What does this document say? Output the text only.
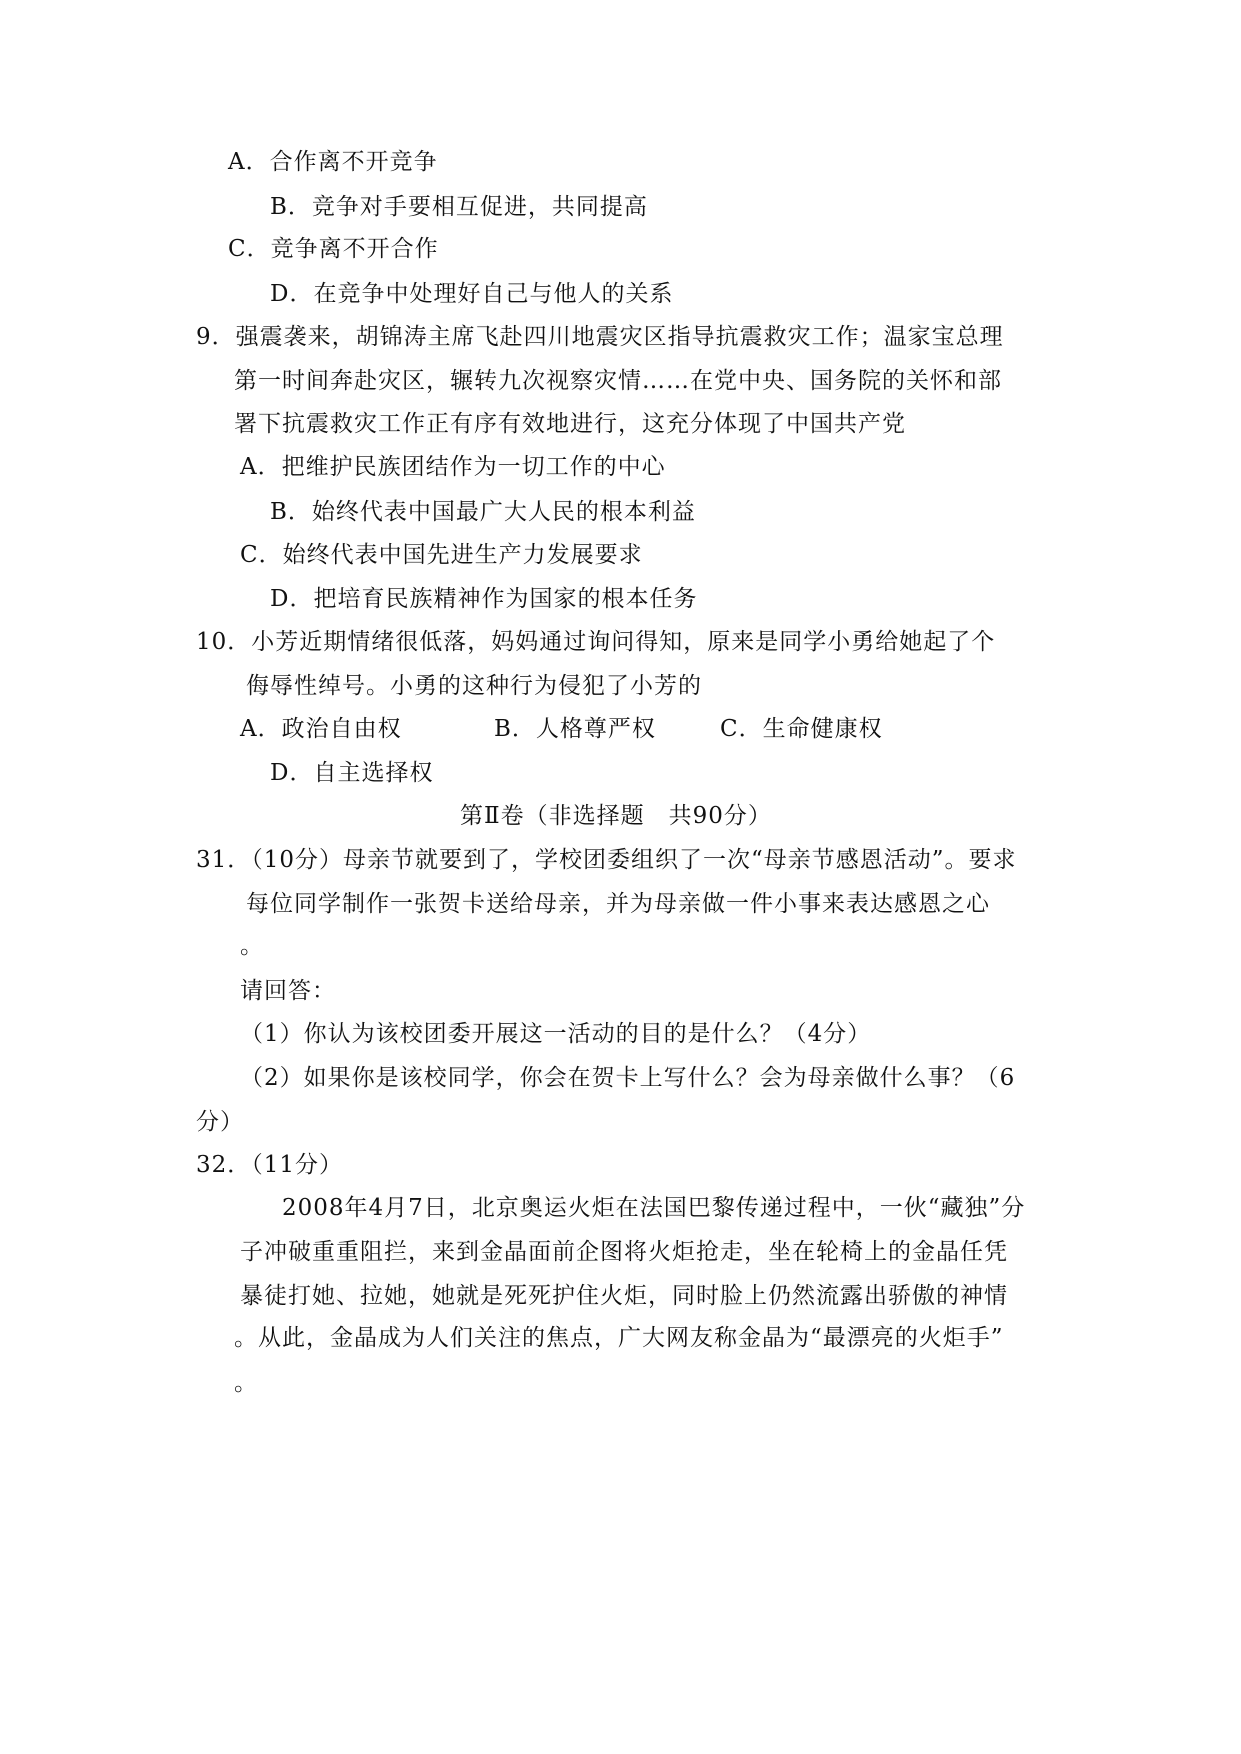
A．合作离不开竞争
B．竞争对手要相互促进，共同提高
C．竞争离不开合作
D．在竞争中处理好自己与他人的关系
9．强震袭来，胡锦涛主席飞赴四川地震灾区指导抗震救灾工作；温家宝总理
第一时间奔赴灾区，辗转九次视察灾情……在党中央、国务院的关怀和部
署下抗震救灾工作正有序有效地进行，这充分体现了中国共产党
A．把维护民族团结作为一切工作的中心
B．始终代表中国最广大人民的根本利益
C．始终代表中国先进生产力发展要求
D．把培育民族精神作为国家的根本任务
10．小芳近期情绪很低落，妈妈通过询问得知，原来是同学小勇给她起了个
侮辱性绰号。小勇的这种行为侵犯了小芳的
A．政治自由权	B．人格尊严权	C．生命健康权
D．自主选择权
第Ⅱ卷（非选择题　共90分）
31．（10分）母亲节就要到了，学校团委组织了一次“母亲节感恩活动”。要求
每位同学制作一张贺卡送给母亲，并为母亲做一件小事来表达感恩之心
。
请回答：
（1）你认为该校团委开展这一活动的目的是什么？（4分）
（2）如果你是该校同学，你会在贺卡上写什么？会为母亲做什么事？（6
分）
32．（11分）
2008年4月7日，北京奥运火炬在法国巴黎传递过程中，一伙“藏独”分
子冲破重重阻拦，来到金晶面前企图将火炬抢走，坐在轮椅上的金晶任凭
暴徒打她、拉她，她就是死死护住火炬，同时脸上仍然流露出骄傲的神情
。从此，金晶成为人们关注的焦点，广大网友称金晶为“最漂亮的火炬手”
。
